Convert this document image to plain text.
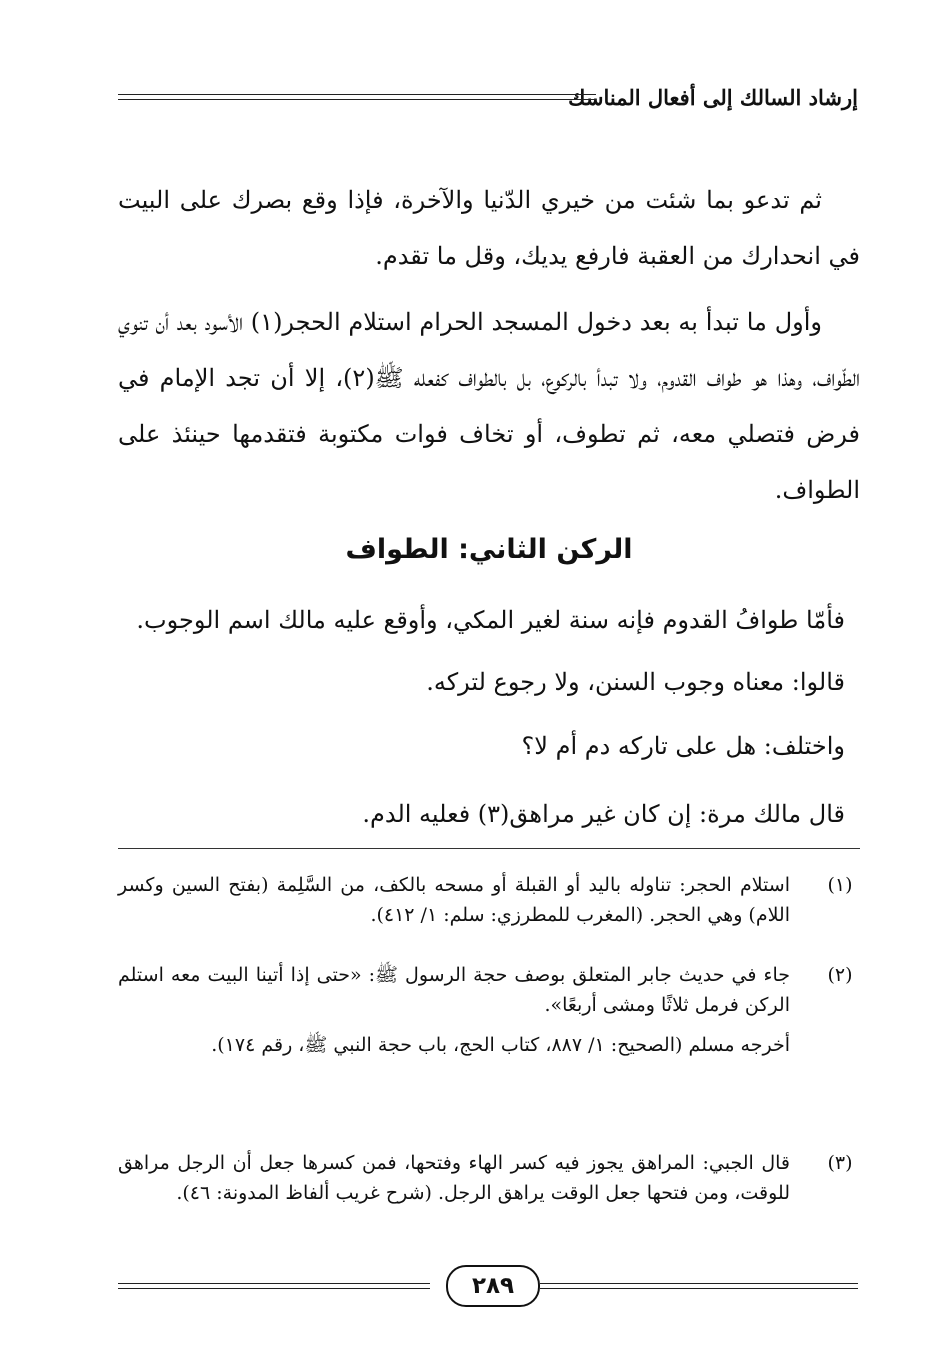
إرشاد السالك إلى أفعال المناسك

ثم تدعو بما شئت من خيري الدّنيا والآخرة، فإذا وقع بصرك على البيت في انحدارك من العقبة فارفع يديك، وقل ما تقدم.

وأول ما تبدأ به بعد دخول المسجد الحرام استلام الحجر(١) الأسود بعد أن تنوي الطّواف، وهذا هو طواف القدوم، ولا تبدأ بالركوع، بل بالطواف كفعله ﷺ(٢)، إلا أن تجد الإمام في فرض فتصلي معه، ثم تطوف، أو تخاف فوات مكتوبة فتقدمها حينئذ على الطواف.

الركن الثاني: الطواف
فأمّا طوافُ القدوم فإنه سنة لغير المكي، وأوقع عليه مالك اسم الوجوب.
قالوا: معناه وجوب السنن، ولا رجوع لتركه.
واختلف: هل على تاركه دم أم لا؟
قال مالك مرة: إن كان غير مراهق(٣) فعليه الدم.
(١)
استلام الحجر: تناوله باليد أو القبلة أو مسحه بالكف، من السَّلِمة (بفتح السين وكسر اللام) وهي الحجر. (المغرب للمطرزي: سلم: ١/ ٤١٢).
(٢)
جاء في حديث جابر المتعلق بوصف حجة الرسول ﷺ: «حتى إذا أتينا البيت معه استلم الركن فرمل ثلاثًا ومشى أربعًا».
أخرجه مسلم (الصحيح: ١/ ٨٨٧، كتاب الحج، باب حجة النبي ﷺ، رقم ١٧٤).
(٣)
قال الجبي: المراهق يجوز فيه كسر الهاء وفتحها، فمن كسرها جعل أن الرجل مراهق للوقت، ومن فتحها جعل الوقت يراهق الرجل. (شرح غريب ألفاظ المدونة: ٤٦).
٢٨٩
